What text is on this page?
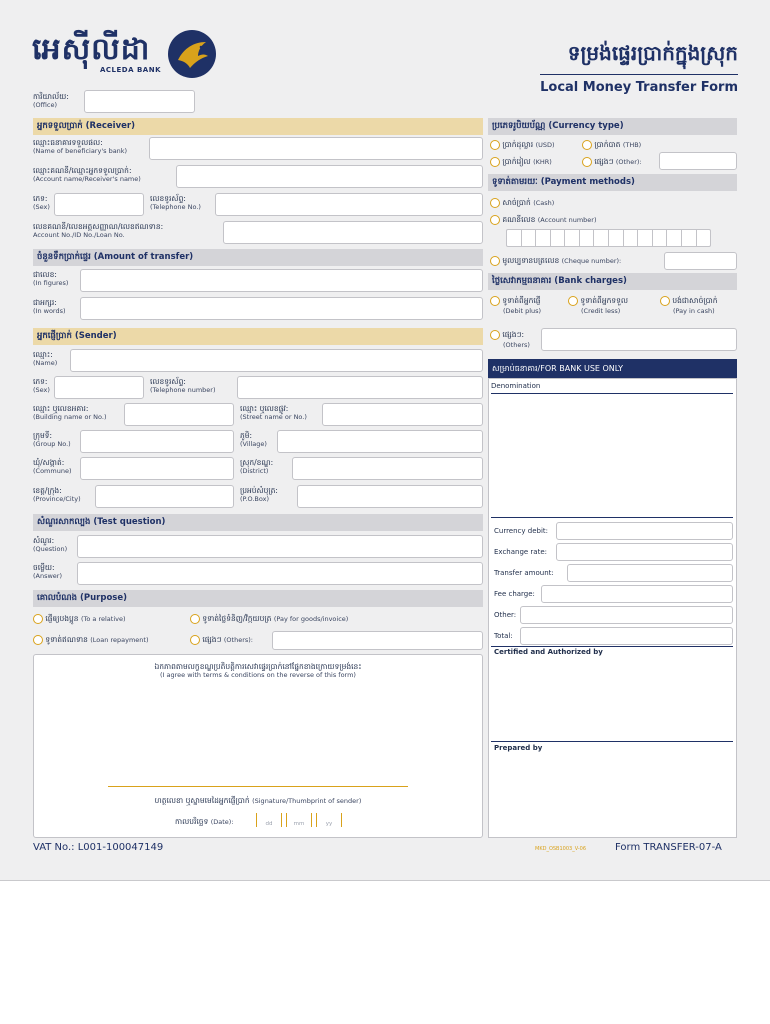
អេស៊ីលីដា
ACLEDA BANK
ទម្រង់ផ្ទេរប្រាក់ក្នុងស្រុក
Local Money Transfer Form
ការិយាល័យ:
(Office)
អ្នកទទួលប្រាក់ (Receiver)
ឈ្មោះធនាគារទទួលផល:
(Name of beneficiary's bank)
ឈ្មោះគណនី/ឈ្មោះអ្នកទទួលប្រាក់:
(Account name/Receiver's name)
ភេទ:
(Sex)
លេខទូរស័ព្ទ:
(Telephone No.)
លេខគណនី/លេខអត្តសញ្ញាណ/លេខឥណទាន:
Account No./ID No./Loan No.
ចំនួនទឹកប្រាក់ផ្ទេរ (Amount of transfer)
ជាលេខ:
(In figures)
ជាអក្សរ:
(In words)
អ្នកផ្ញើប្រាក់ (Sender)
ឈ្មោះ:
(Name)
ភេទ:
(Sex)
លេខទូរស័ព្ទ:
(Telephone number)
ឈ្មោះ ឬលេខអគារ:
(Building name or No.)
ឈ្មោះ ឬលេខផ្លូវ:
(Street name or No.)
ក្រុមទី:
(Group No.)
ភូមិ:
(Village)
ឃុំ/សង្កាត់:
(Commune)
ស្រុក/ខណ្ឌ:
(District)
ខេត្ត/ក្រុង:
(Province/City)
ប្រអប់សំបុត្រ:
(P.O.Box)
សំណួរសាកល្បង (Test question)
សំណួរ:
(Question)
ចម្លើយ:
(Answer)
គោលបំណង (Purpose)
ផ្ញើឲ្យបងប្អូន (To a relative)	ទូទាត់ថ្លៃទំនិញ/វិក្កយបត្រ (Pay for goods/invoice)
ទូទាត់ឥណទាន (Loan repayment)	ផ្សេងៗ (Others):
ឯកភាពតាមលក្ខខណ្ឌប្រតិបត្តិការសេវាផ្ទេរប្រាក់នៅផ្នែកខាងក្រោយទម្រង់នេះ
(I agree with terms & conditions on the reverse of this form)
ហត្ថលេខា ឬស្នាមមេដៃអ្នកផ្ញើប្រាក់ (Signature/Thumbprint of sender)
កាលបរិច្ឆេទ (Date):	dd	mm	yy
ប្រភេទរូបិយប័ណ្ណ (Currency type)
ប្រាក់ដុល្លារ (USD)	ប្រាក់បាត (THB)
ប្រាក់រៀល (KHR)	ផ្សេងៗ (Other):
ទូទាត់តាមរយៈ (Payment methods)
សាច់ប្រាក់ (Cash)
គណនីលេខ (Account number)
មូលប្បទានបត្រលេខ (Cheque number):
ថ្លៃសេវាកម្មធនាគារ (Bank charges)
ទូទាត់ពីអ្នកផ្ញើ
(Debit plus)
ទូទាត់ពីអ្នកទទួល
(Credit less)
បង់ជាសាច់ប្រាក់
(Pay in cash)
ផ្សេងៗ:
(Others)
សម្រាប់ធនាគារ/FOR BANK USE ONLY
Denomination
Currency debit:
Exchange rate:
Transfer amount:
Fee charge:
Other:
Total:
Certified and Authorized by
Prepared by
VAT No.: L001-100047149	MKD_OSB1003_V-06	Form TRANSFER-07-A
